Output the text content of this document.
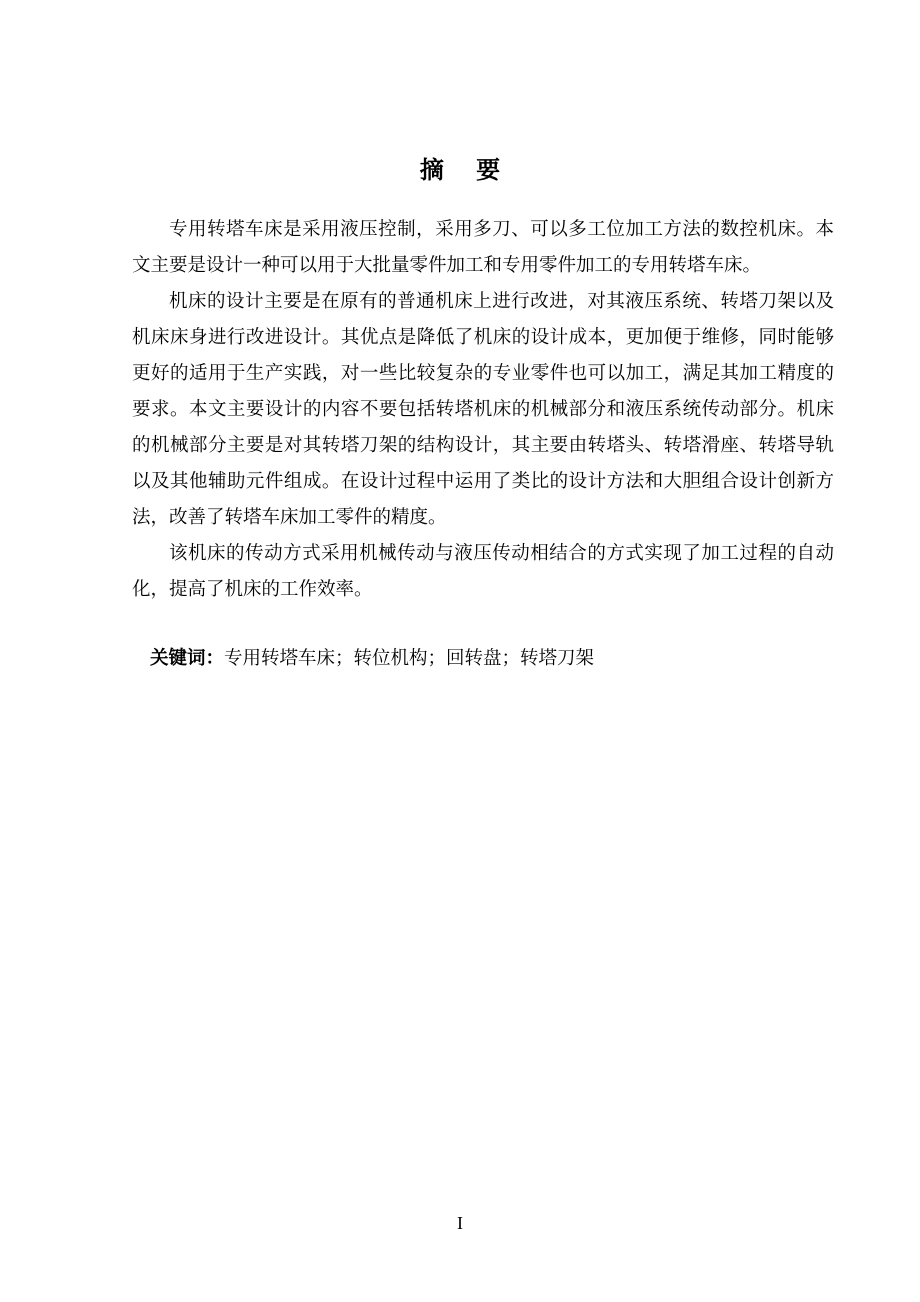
摘 要

专用转塔车床是采用液压控制，采用多刀、可以多工位加工方法的数控机床。本文主要是设计一种可以用于大批量零件加工和专用零件加工的专用转塔车床。

机床的设计主要是在原有的普通机床上进行改进，对其液压系统、转塔刀架以及机床床身进行改进设计。其优点是降低了机床的设计成本，更加便于维修，同时能够更好的适用于生产实践，对一些比较复杂的专业零件也可以加工，满足其加工精度的要求。本文主要设计的内容不要包括转塔机床的机械部分和液压系统传动部分。机床的机械部分主要是对其转塔刀架的结构设计，其主要由转塔头、转塔滑座、转塔导轨以及其他辅助元件组成。在设计过程中运用了类比的设计方法和大胆组合设计创新方法，改善了转塔车床加工零件的精度。

该机床的传动方式采用机械传动与液压传动相结合的方式实现了加工过程的自动化，提高了机床的工作效率。

关键词：专用转塔车床；转位机构；回转盘；转塔刀架
I
